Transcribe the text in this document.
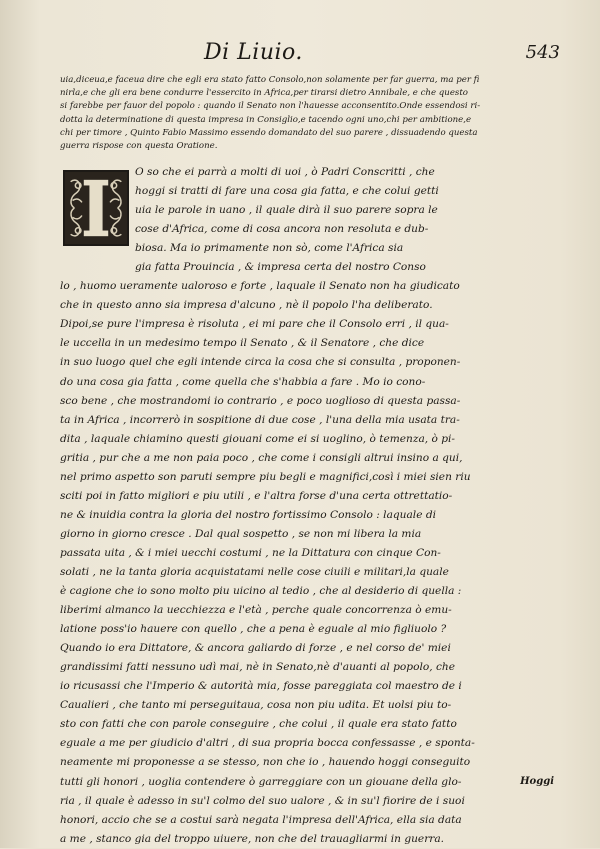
Di Liuio.	543
uia,diceua,e faceua dire che egli era stato fatto Consolo,non solamente per far guerra, ma per fi
nirla,e che gli era bene condurre l'essercito in Africa,per tirarsi dietro Annibale, e che questo
si farebbe per fauor del popolo : quando il Senato non l'hauesse acconsentito.Onde essendosi ri-
dotta la determinatione di questa impresa in Consiglio,e tacendo ogni uno,chi per ambitione,e
chi per timore , Quinto Fabio Massimo essendo domandato del suo parere , dissuadendo questa
guerra rispose con questa Oratione.
O so che ei parrà a molti di uoi , ò Padri Conscritti , che
hoggi si tratti di fare una cosa gia fatta, e che colui getti
uia le parole in uano , il quale dirà il suo parere sopra le
cose d'Africa, come di cosa ancora non resoluta e dub-
biosa. Ma io primamente non sò, come l'Africa sia
gia fatta Prouincia , & impresa certa del nostro Conso
lo , huomo ueramente ualoroso e forte , laquale il Senato non ha giudicato
che in questo anno sia impresa d'alcuno , nè il popolo l'ha deliberato.
Dipoi,se pure l'impresa è risoluta , ei mi pare che il Consolo erri , il qua-
le uccella in un medesimo tempo il Senato , & il Senatore , che dice
in suo luogo quel che egli intende circa la cosa che si consulta , proponen-
do una cosa gia fatta , come quella che s'habbia a fare . Mo io cono-
sco bene , che mostrandomi io contrario , e poco uoglioso di questa passa-
ta in Africa , incorrerò in sospitione di due cose , l'una della mia usata tra-
dita , laquale chiamino questi giouani come ei si uoglino, ò temenza, ò pi-
gritia , pur che a me non paia poco , che come i consigli altrui insino a qui,
nel primo aspetto son paruti sempre piu begli e magnifici,così i miei sien riu
sciti poi in fatto migliori e piu utili , e l'altra forse d'una certa ottrettatio-
ne & inuidia contra la gloria del nostro fortissimo Consolo : laquale di
giorno in giorno cresce . Dal qual sospetto , se non mi libera la mia
passata uita , & i miei uecchi costumi , ne la Dittatura con cinque Con-
solati , ne la tanta gloria acquistatami nelle cose ciuili e militari,la quale
è cagione che io sono molto piu uicino al tedio , che al desiderio di quella :
liberimi almanco la uecchiezza e l'età , perche quale concorrenza ò emu-
latione poss'io hauere con quello , che a pena è eguale al mio figliuolo ?
Quando io era Dittatore, & ancora galiardo di forze , e nel corso de' miei
grandissimi fatti nessuno udì mai, nè in Senato,nè d'auanti al popolo, che
io ricusassi che l'Imperio & autorità mia, fosse pareggiata col maestro de i
Caualieri , che tanto mi perseguitaua, cosa non piu udita. Et uolsi piu to-
sto con fatti che con parole conseguire , che colui , il quale era stato fatto
eguale a me per giudicio d'altri , di sua propria bocca confessasse , e sponta-
neamente mi proponesse a se stesso, non che io , hauendo hoggi conseguito
tutti gli honori , uoglia contendere ò garreggiare con un giouane della glo-
ria , il quale è adesso in su'l colmo del suo ualore , & in su'l fiorire de i suoi
honori, accio che se a costui sarà negata l'impresa dell'Africa, ella sia data
a me , stanco gia del troppo uiuere, non che del trauagliarmi in guerra.
Hoggi
